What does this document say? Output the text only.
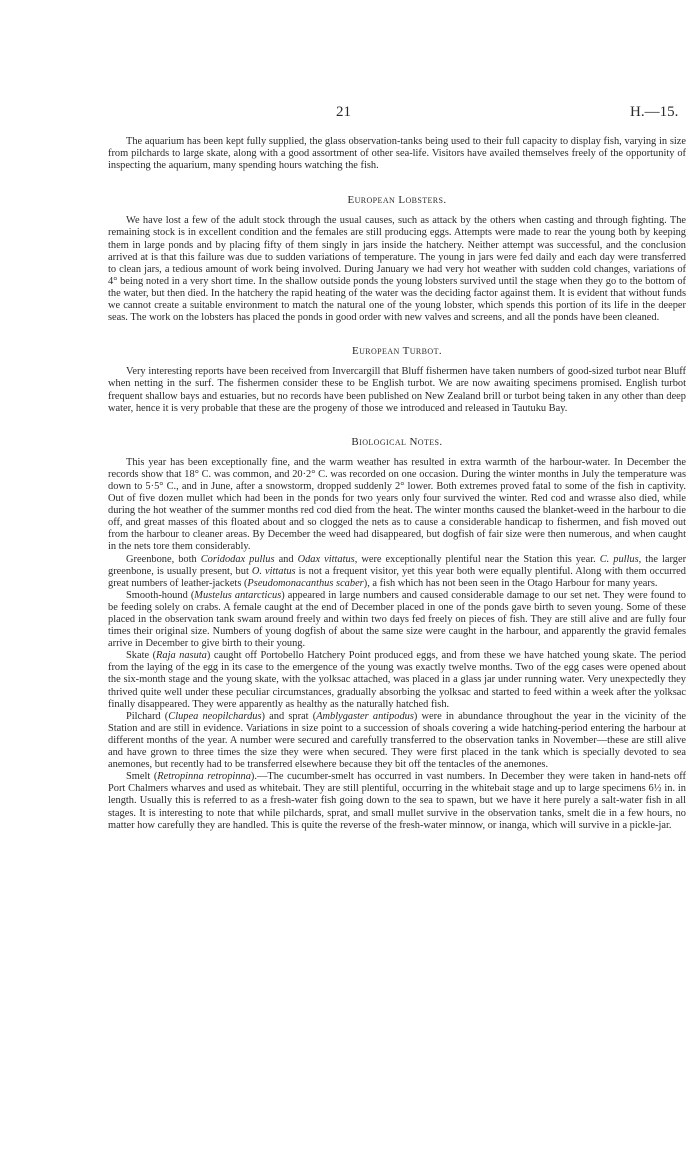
21	H.—15.

The aquarium has been kept fully supplied, the glass observation-tanks being used to their full capacity to display fish, varying in size from pilchards to large skate, along with a good assortment of other sea-life. Visitors have availed themselves freely of the opportunity of inspecting the aquarium, many spending hours watching the fish.

European Lobsters.

We have lost a few of the adult stock through the usual causes, such as attack by the others when casting and through fighting. The remaining stock is in excellent condition and the females are still producing eggs. Attempts were made to rear the young both by keeping them in large ponds and by placing fifty of them singly in jars inside the hatchery. Neither attempt was successful, and the conclusion arrived at is that this failure was due to sudden variations of temperature. The young in jars were fed daily and each day were transferred to clean jars, a tedious amount of work being involved. During January we had very hot weather with sudden cold changes, variations of 4° being noted in a very short time. In the shallow outside ponds the young lobsters survived until the stage when they go to the bottom of the water, but then died. In the hatchery the rapid heating of the water was the deciding factor against them. It is evident that without funds we cannot create a suitable environment to match the natural one of the young lobster, which spends this portion of its life in the deeper seas. The work on the lobsters has placed the ponds in good order with new valves and screens, and all the ponds have been cleaned.

European Turbot.

Very interesting reports have been received from Invercargill that Bluff fishermen have taken numbers of good-sized turbot near Bluff when netting in the surf. The fishermen consider these to be English turbot. We are now awaiting specimens promised. English turbot frequent shallow bays and estuaries, but no records have been published on New Zealand brill or turbot being taken in any other than deep water, hence it is very probable that these are the progeny of those we introduced and released in Tautuku Bay.

Biological Notes.

This year has been exceptionally fine, and the warm weather has resulted in extra warmth of the harbour-water. In December the records show that 18° C. was common, and 20·2° C. was recorded on one occasion. During the winter months in July the temperature was down to 5·5° C., and in June, after a snowstorm, dropped suddenly 2° lower. Both extremes proved fatal to some of the fish in captivity. Out of five dozen mullet which had been in the ponds for two years only four survived the winter. Red cod and wrasse also died, while during the hot weather of the summer months red cod died from the heat. The winter months caused the blanket-weed in the harbour to die off, and great masses of this floated about and so clogged the nets as to cause a considerable handicap to fishermen, and fish moved out from the harbour to cleaner areas. By December the weed had disappeared, but dogfish of fair size were then numerous, and when caught in the nets tore them considerably.

Greenbone, both Coridodax pullus and Odax vittatus, were exceptionally plentiful near the Station this year. C. pullus, the larger greenbone, is usually present, but O. vittatus is not a frequent visitor, yet this year both were equally plentiful. Along with them occurred great numbers of leather-jackets (Pseudomonacanthus scaber), a fish which has not been seen in the Otago Harbour for many years.

Smooth-hound (Mustelus antarcticus) appeared in large numbers and caused considerable damage to our set net. They were found to be feeding solely on crabs. A female caught at the end of December placed in one of the ponds gave birth to seven young. Some of these placed in the observation tank swam around freely and within two days fed freely on pieces of fish. They are still alive and are fully four times their original size. Numbers of young dogfish of about the same size were caught in the harbour, and apparently the gravid females arrive in December to give birth to their young.

Skate (Raja nasuta) caught off Portobello Hatchery Point produced eggs, and from these we have hatched young skate. The period from the laying of the egg in its case to the emergence of the young was exactly twelve months. Two of the egg cases were opened about the six-month stage and the young skate, with the yolksac attached, was placed in a glass jar under running water. Very unexpectedly they thrived quite well under these peculiar circumstances, gradually absorbing the yolksac and started to feed within a week after the yolksac finally disappeared. They were apparently as healthy as the naturally hatched fish.

Pilchard (Clupea neopilchardus) and sprat (Amblygaster antipodus) were in abundance throughout the year in the vicinity of the Station and are still in evidence. Variations in size point to a succession of shoals covering a wide hatching-period entering the harbour at different months of the year. A number were secured and carefully transferred to the observation tanks in November—these are still alive and have grown to three times the size they were when secured. They were first placed in the tank which is specially devoted to sea anemones, but recently had to be transferred elsewhere because they bit off the tentacles of the anemones.

Smelt (Retropinna retropinna).—The cucumber-smelt has occurred in vast numbers. In December they were taken in hand-nets off Port Chalmers wharves and used as whitebait. They are still plentiful, occurring in the whitebait stage and up to large specimens 6½ in. in length. Usually this is referred to as a fresh-water fish going down to the sea to spawn, but we have it here purely a salt-water fish in all stages. It is interesting to note that while pilchards, sprat, and small mullet survive in the observation tanks, smelt die in a few hours, no matter how carefully they are handled. This is quite the reverse of the fresh-water minnow, or inanga, which will survive in a pickle-jar.
